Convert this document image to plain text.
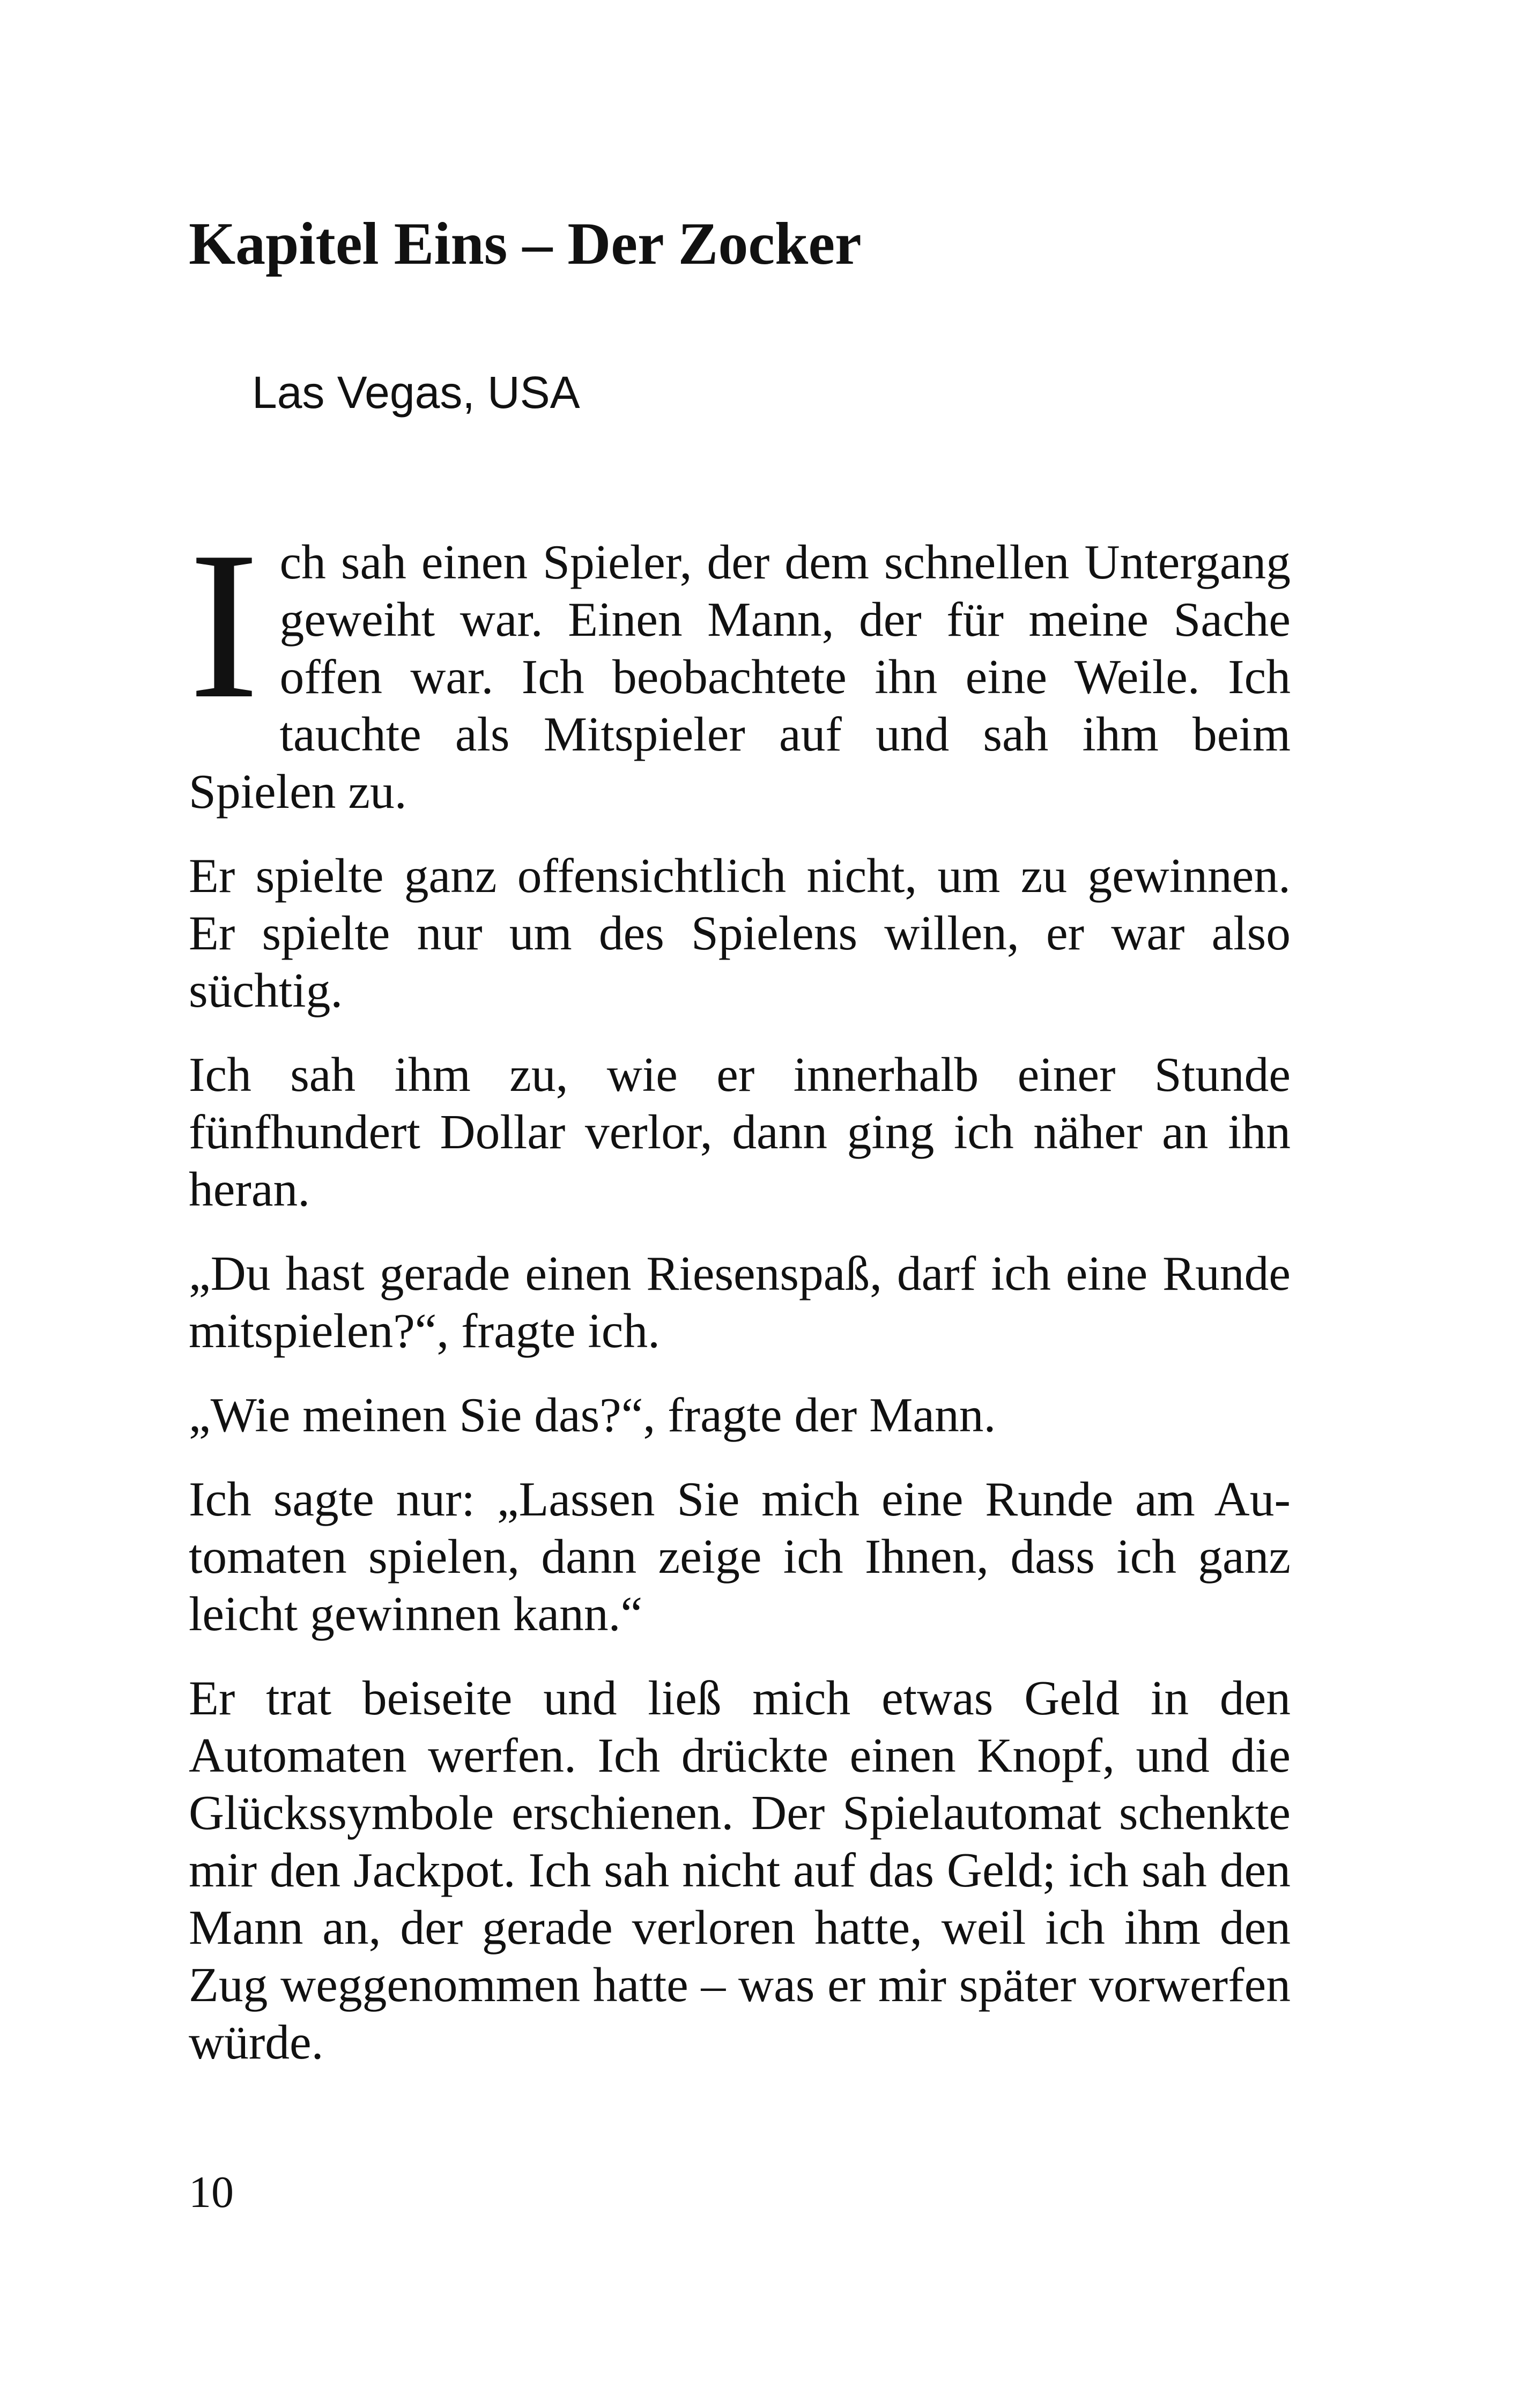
Kapitel Eins – Der Zocker

Las Vegas, USA

Ich sah einen Spieler, der dem schnellen Untergang geweiht war. Einen Mann, der für meine Sache offen war. Ich beobachtete ihn eine Weile. Ich tauchte als Mitspieler auf und sah ihm beim Spielen zu.

Er spielte ganz offensichtlich nicht, um zu gewinnen. Er spielte nur um des Spielens willen, er war also süchtig.

Ich sah ihm zu, wie er innerhalb einer Stunde fünfhundert Dollar verlor, dann ging ich näher an ihn heran.

„Du hast gerade einen Riesenspaß, darf ich eine Runde mitspielen?“, fragte ich.

„Wie meinen Sie das?“, fragte der Mann.

Ich sagte nur: „Lassen Sie mich eine Runde am Automaten spielen, dann zeige ich Ihnen, dass ich ganz leicht gewinnen kann.“

Er trat beiseite und ließ mich etwas Geld in den Automaten werfen. Ich drückte einen Knopf, und die Glückssymbole erschienen. Der Spielautomat schenkte mir den Jackpot. Ich sah nicht auf das Geld; ich sah den Mann an, der gerade verloren hatte, weil ich ihm den Zug weggenommen hatte – was er mir später vorwerfen würde.

10
